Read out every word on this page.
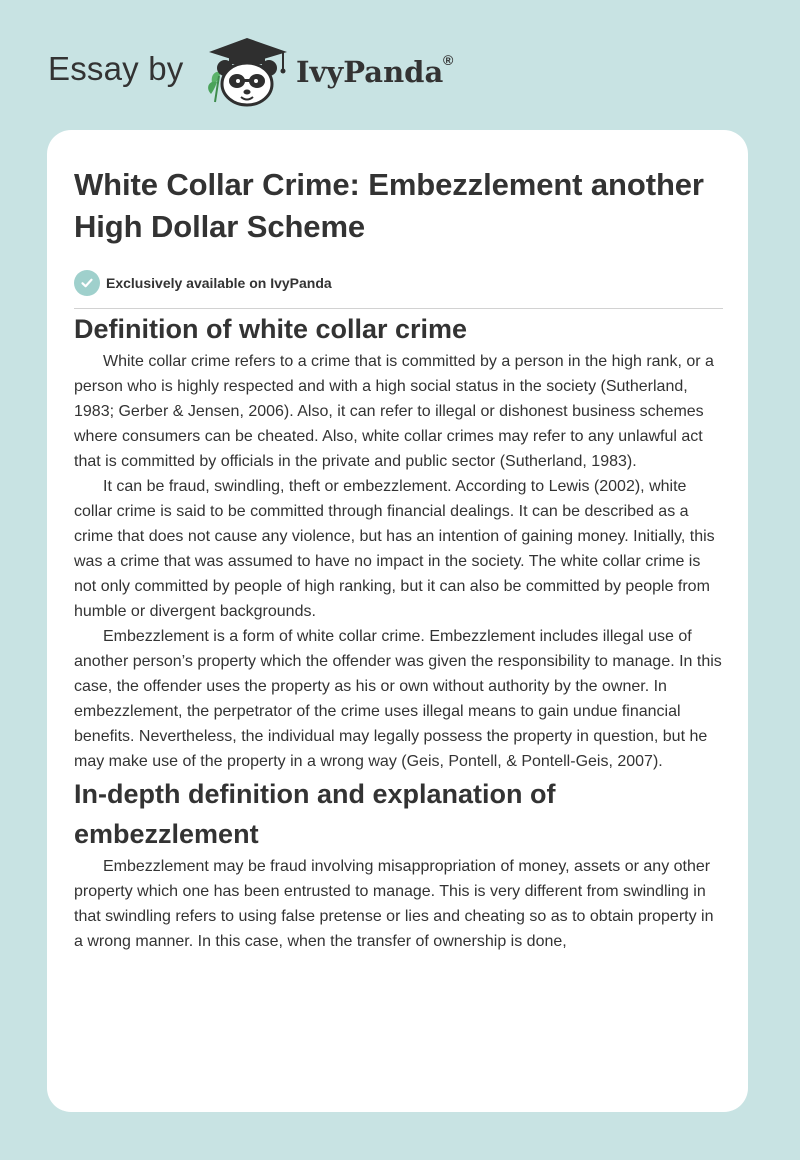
Essay by	IvyPanda ®
White Collar Crime: Embezzlement another High Dollar Scheme
Exclusively available on IvyPanda
Definition of white collar crime

White collar crime refers to a crime that is committed by a person in the high rank, or a person who is highly respected and with a high social status in the society (Sutherland, 1983; Gerber & Jensen, 2006). Also, it can refer to illegal or dishonest business schemes where consumers can be cheated. Also, white collar crimes may refer to any unlawful act that is committed by officials in the private and public sector (Sutherland, 1983).

It can be fraud, swindling, theft or embezzlement. According to Lewis (2002), white collar crime is said to be committed through financial dealings. It can be described as a crime that does not cause any violence, but has an intention of gaining money. Initially, this was a crime that was assumed to have no impact in the society. The white collar crime is not only committed by people of high ranking, but it can also be committed by people from humble or divergent backgrounds.

Embezzlement is a form of white collar crime. Embezzlement includes illegal use of another person’s property which the offender was given the responsibility to manage. In this case, the offender uses the property as his or own without authority by the owner. In embezzlement, the perpetrator of the crime uses illegal means to gain undue financial benefits. Nevertheless, the individual may legally possess the property in question, but he may make use of the property in a wrong way (Geis, Pontell, & Pontell-Geis, 2007).

In-depth definition and explanation of embezzlement

Embezzlement may be fraud involving misappropriation of money, assets or any other property which one has been entrusted to manage. This is very different from swindling in that swindling refers to using false pretense or lies and cheating so as to obtain property in a wrong manner. In this case, when the transfer of ownership is done,
